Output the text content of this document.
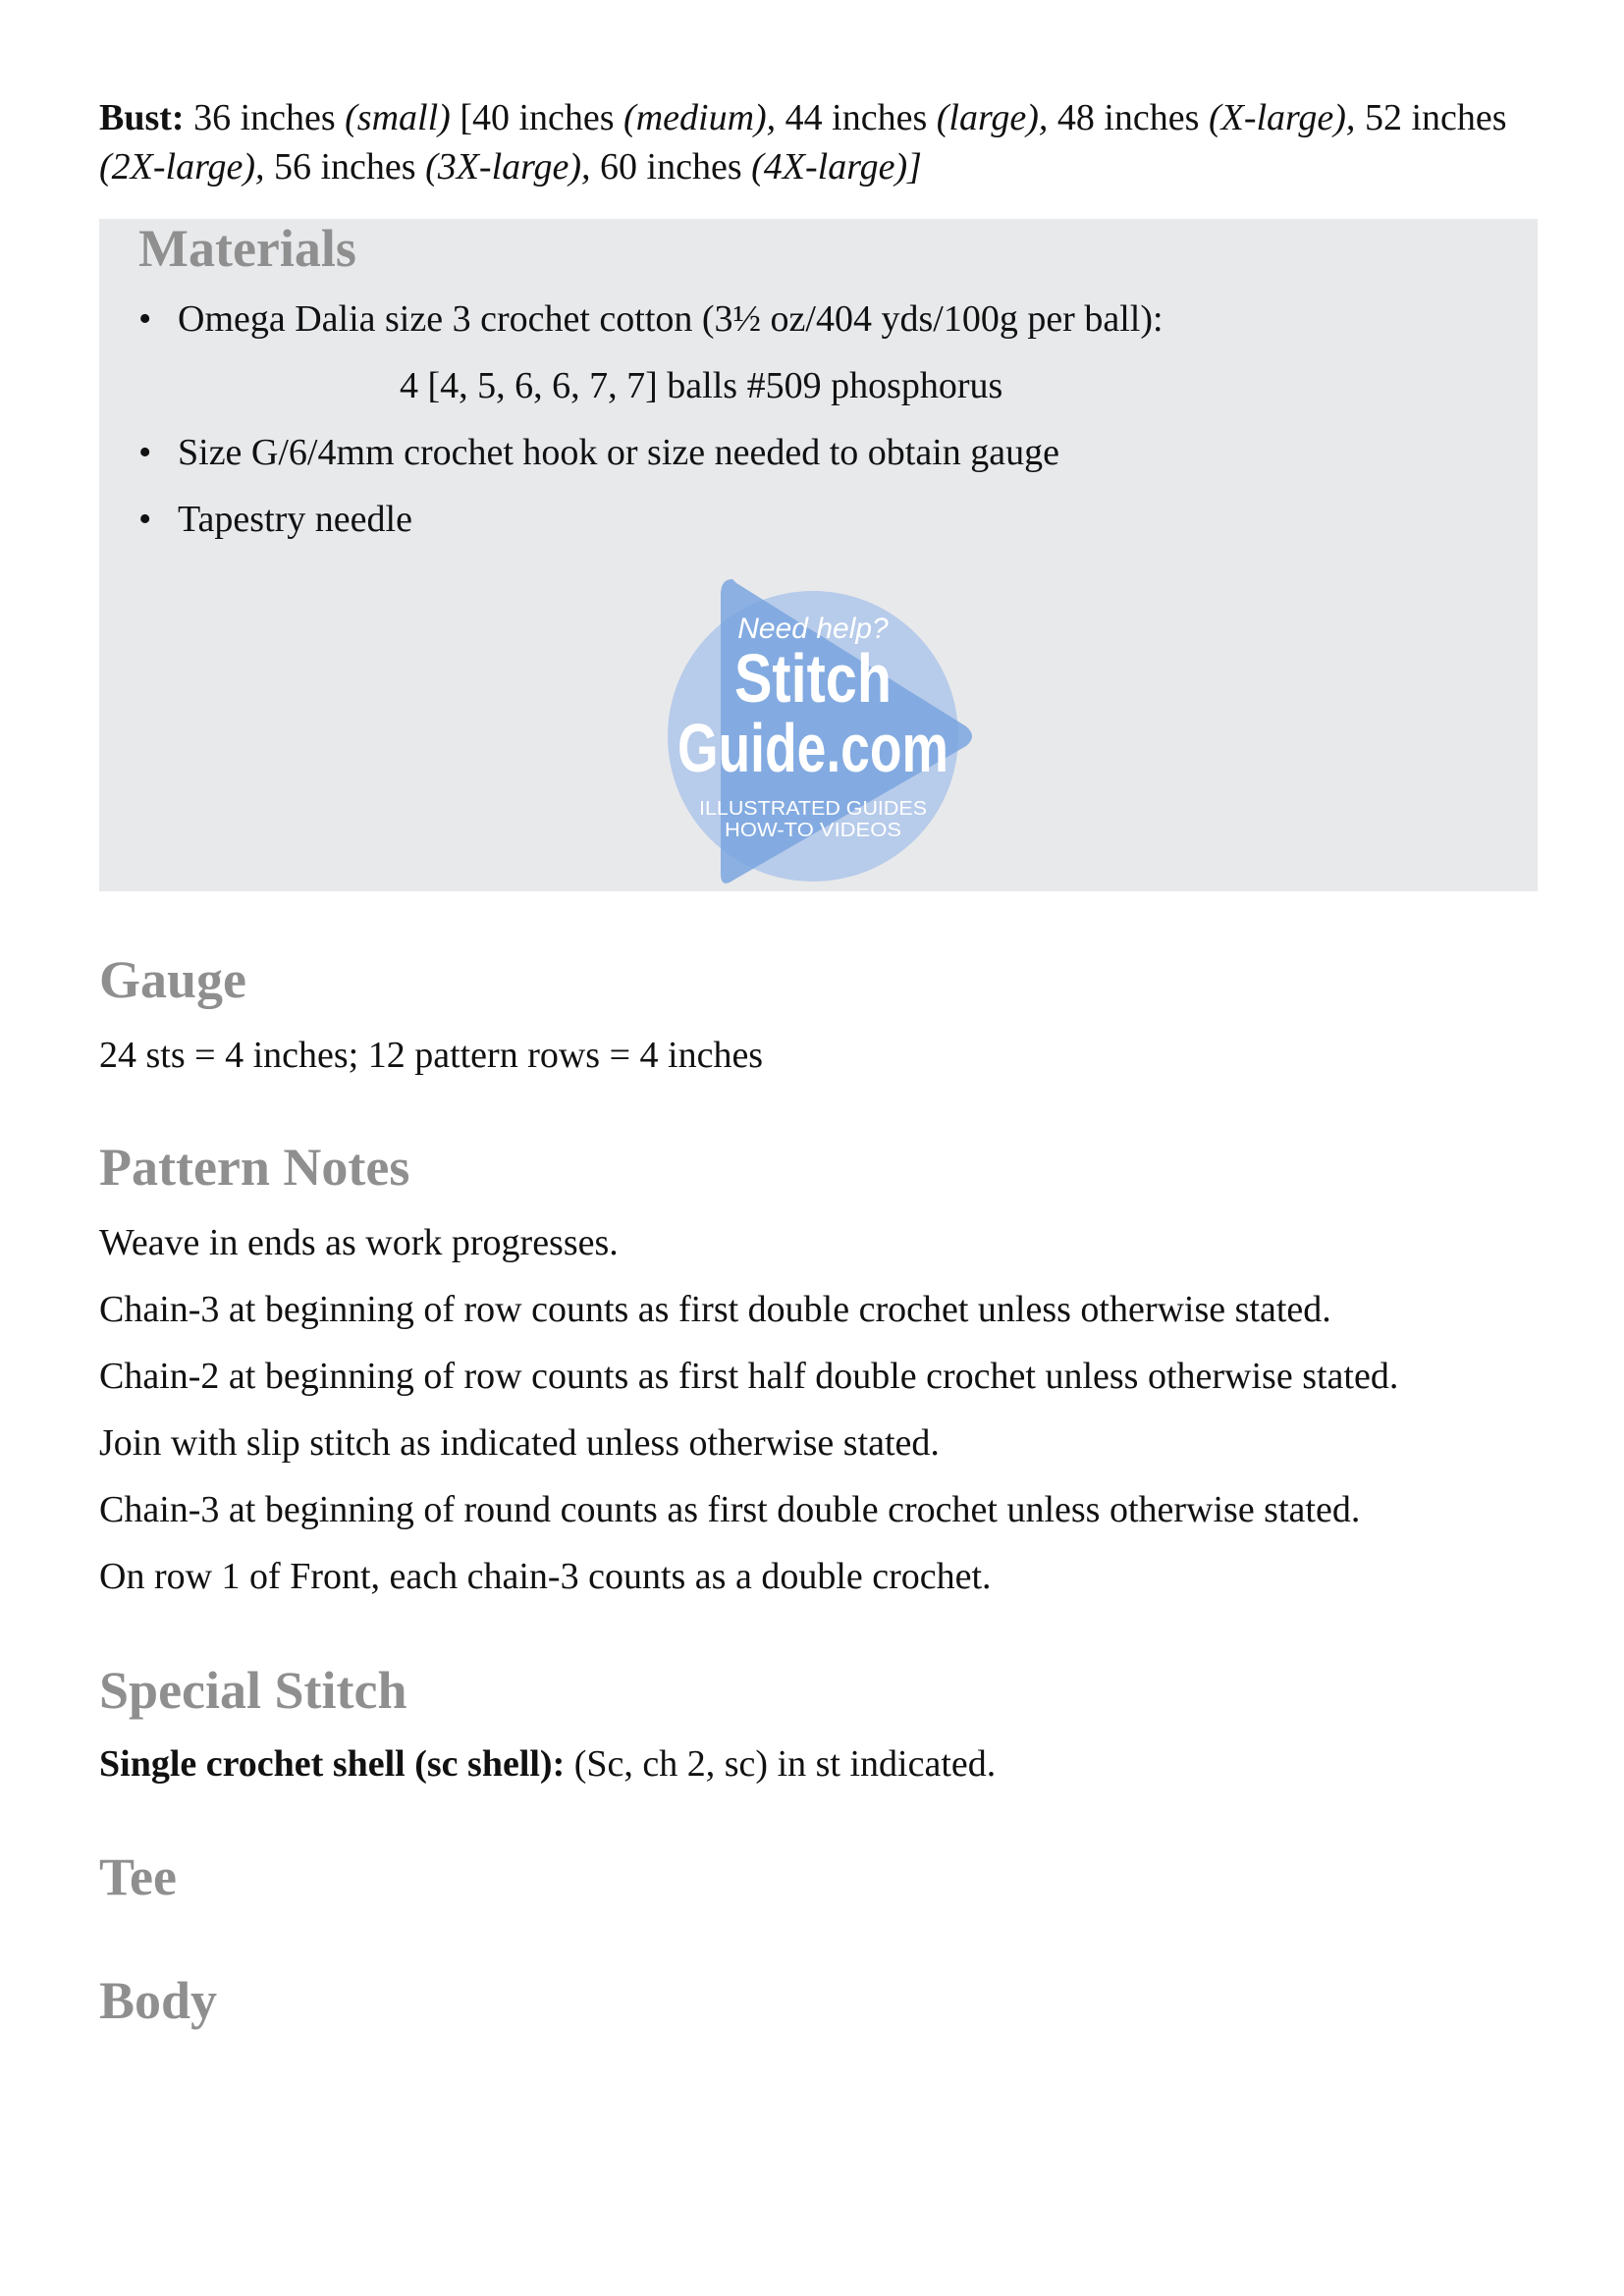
Bust: 36 inches (small) [40 inches (medium), 44 inches (large), 48 inches (X-large), 52 inches (2X-large), 56 inches (3X-large), 60 inches (4X-large)]
Materials
• Omega Dalia size 3 crochet cotton (3½ oz/404 yds/100g per ball):
4 [4, 5, 6, 6, 7, 7] balls #509 phosphorus
• Size G/6/4mm crochet hook or size needed to obtain gauge
• Tapestry needle
Need help?
Stitch
Guide.com
ILLUSTRATED GUIDES
HOW-TO VIDEOS
Gauge
24 sts = 4 inches; 12 pattern rows = 4 inches
Pattern Notes
Weave in ends as work progresses.
Chain-3 at beginning of row counts as first double crochet unless otherwise stated.
Chain-2 at beginning of row counts as first half double crochet unless otherwise stated.
Join with slip stitch as indicated unless otherwise stated.
Chain-3 at beginning of round counts as first double crochet unless otherwise stated.
On row 1 of Front, each chain-3 counts as a double crochet.
Special Stitch
Single crochet shell (sc shell): (Sc, ch 2, sc) in st indicated.
Tee
Body
